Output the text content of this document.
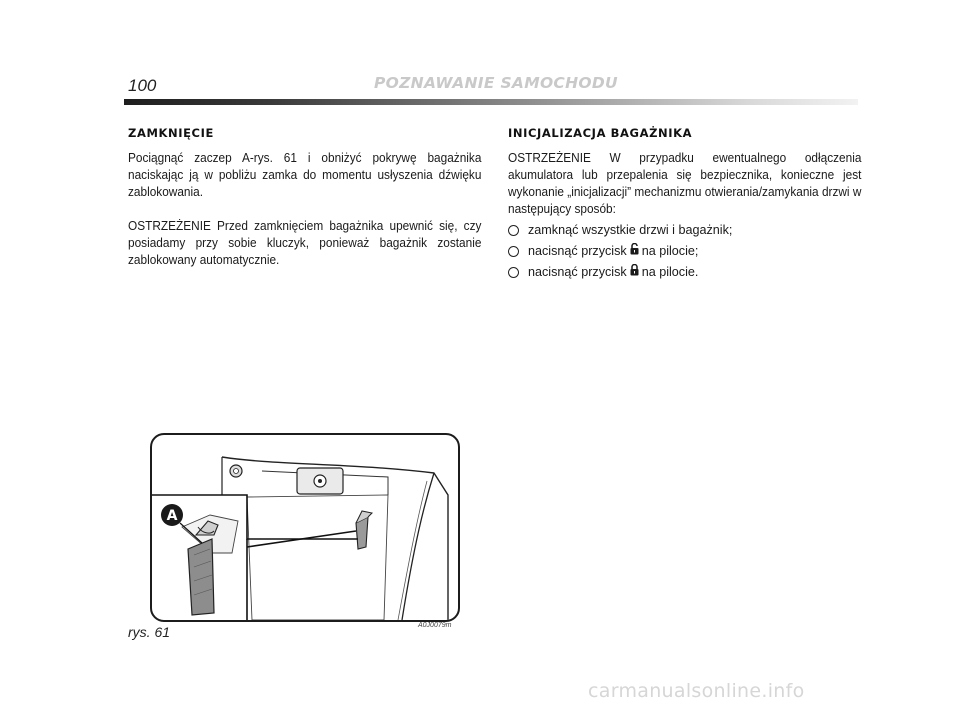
100	POZNAWANIE SAMOCHODU
ZAMKNIĘCIE

Pociągnąć zaczep A-rys. 61 i obniżyć pokrywę bagażnika naciskając ją w pobliżu zamka do momentu usłyszenia dźwięku zablokowania.

OSTRZEŻENIE Przed zamknięciem bagażnika upewnić się, czy posiadamy przy sobie kluczyk, ponieważ bagażnik zostanie zablokowany automatycznie.

INICJALIZACJA BAGAŻNIKA

OSTRZEŻENIE W przypadku ewentualnego odłączenia akumulatora lub przepalenia się bezpiecznika, konieczne jest wykonanie „inicjalizacji” mechanizmu otwierania/zamykania drzwi w następujący sposób:

zamknąć wszystkie drzwi i bagażnik;
nacisnąć przycisk na pilocie;
nacisnąć przycisk na pilocie.
A
rys. 61	A0J0079m
carmanualsonline.info
